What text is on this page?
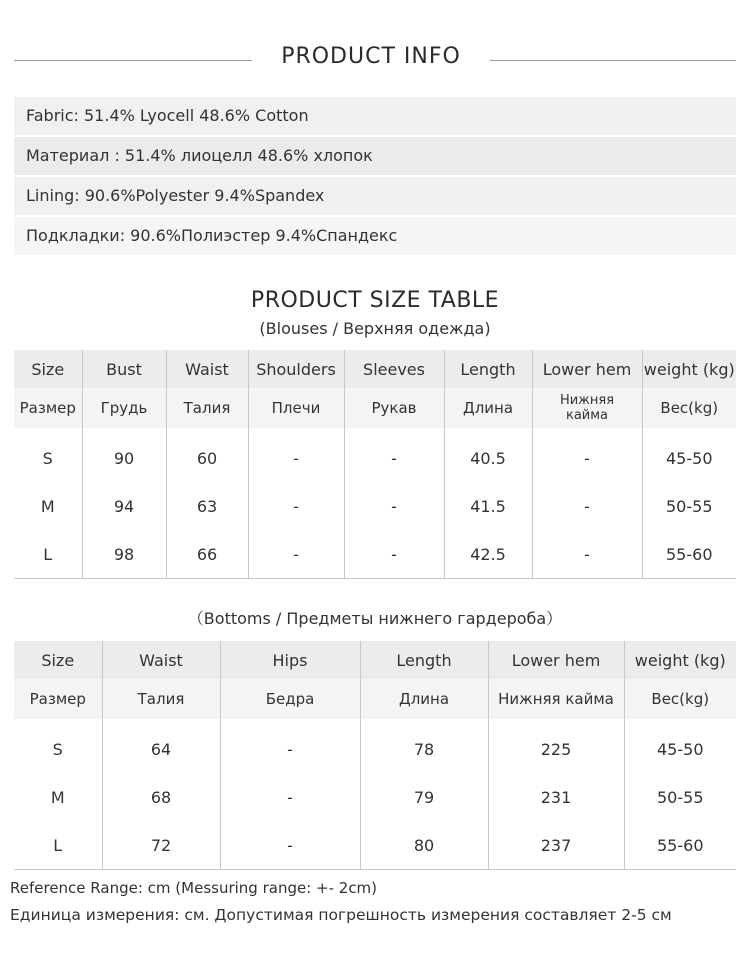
PRODUCT INFO
Fabric: 51.4% Lyocell 48.6% Cotton
Материал : 51.4% лиоцелл 48.6% хлопок
Lining: 90.6%Polyester 9.4%Spandex
Подкладки: 90.6%Полиэстер 9.4%Спандекс
PRODUCT SIZE TABLE
(Blouses / Верхняя одежда)
Size	Bust	Waist	Shoulders	Sleeves	Length	Lower hem	weight (kg)
Размер	Грудь	Талия	Плечи	Рукав	Длина	Нижняя кайма	Вес(kg)
S	90	60	-	-	40.5	-	45-50
M	94	63	-	-	41.5	-	50-55
L	98	66	-	-	42.5	-	55-60
（Bottoms / Предметы нижнего гардероба）
Size	Waist	Hips	Length	Lower hem	weight (kg)
Размер	Талия	Бедра	Длина	Нижняя кайма	Вес(kg)
S	64	-	78	225	45-50
M	68	-	79	231	50-55
L	72	-	80	237	55-60
Reference Range: cm (Messuring range: +- 2cm)
Единица измерения: см. Допустимая погрешность измерения составляет 2-5 см
